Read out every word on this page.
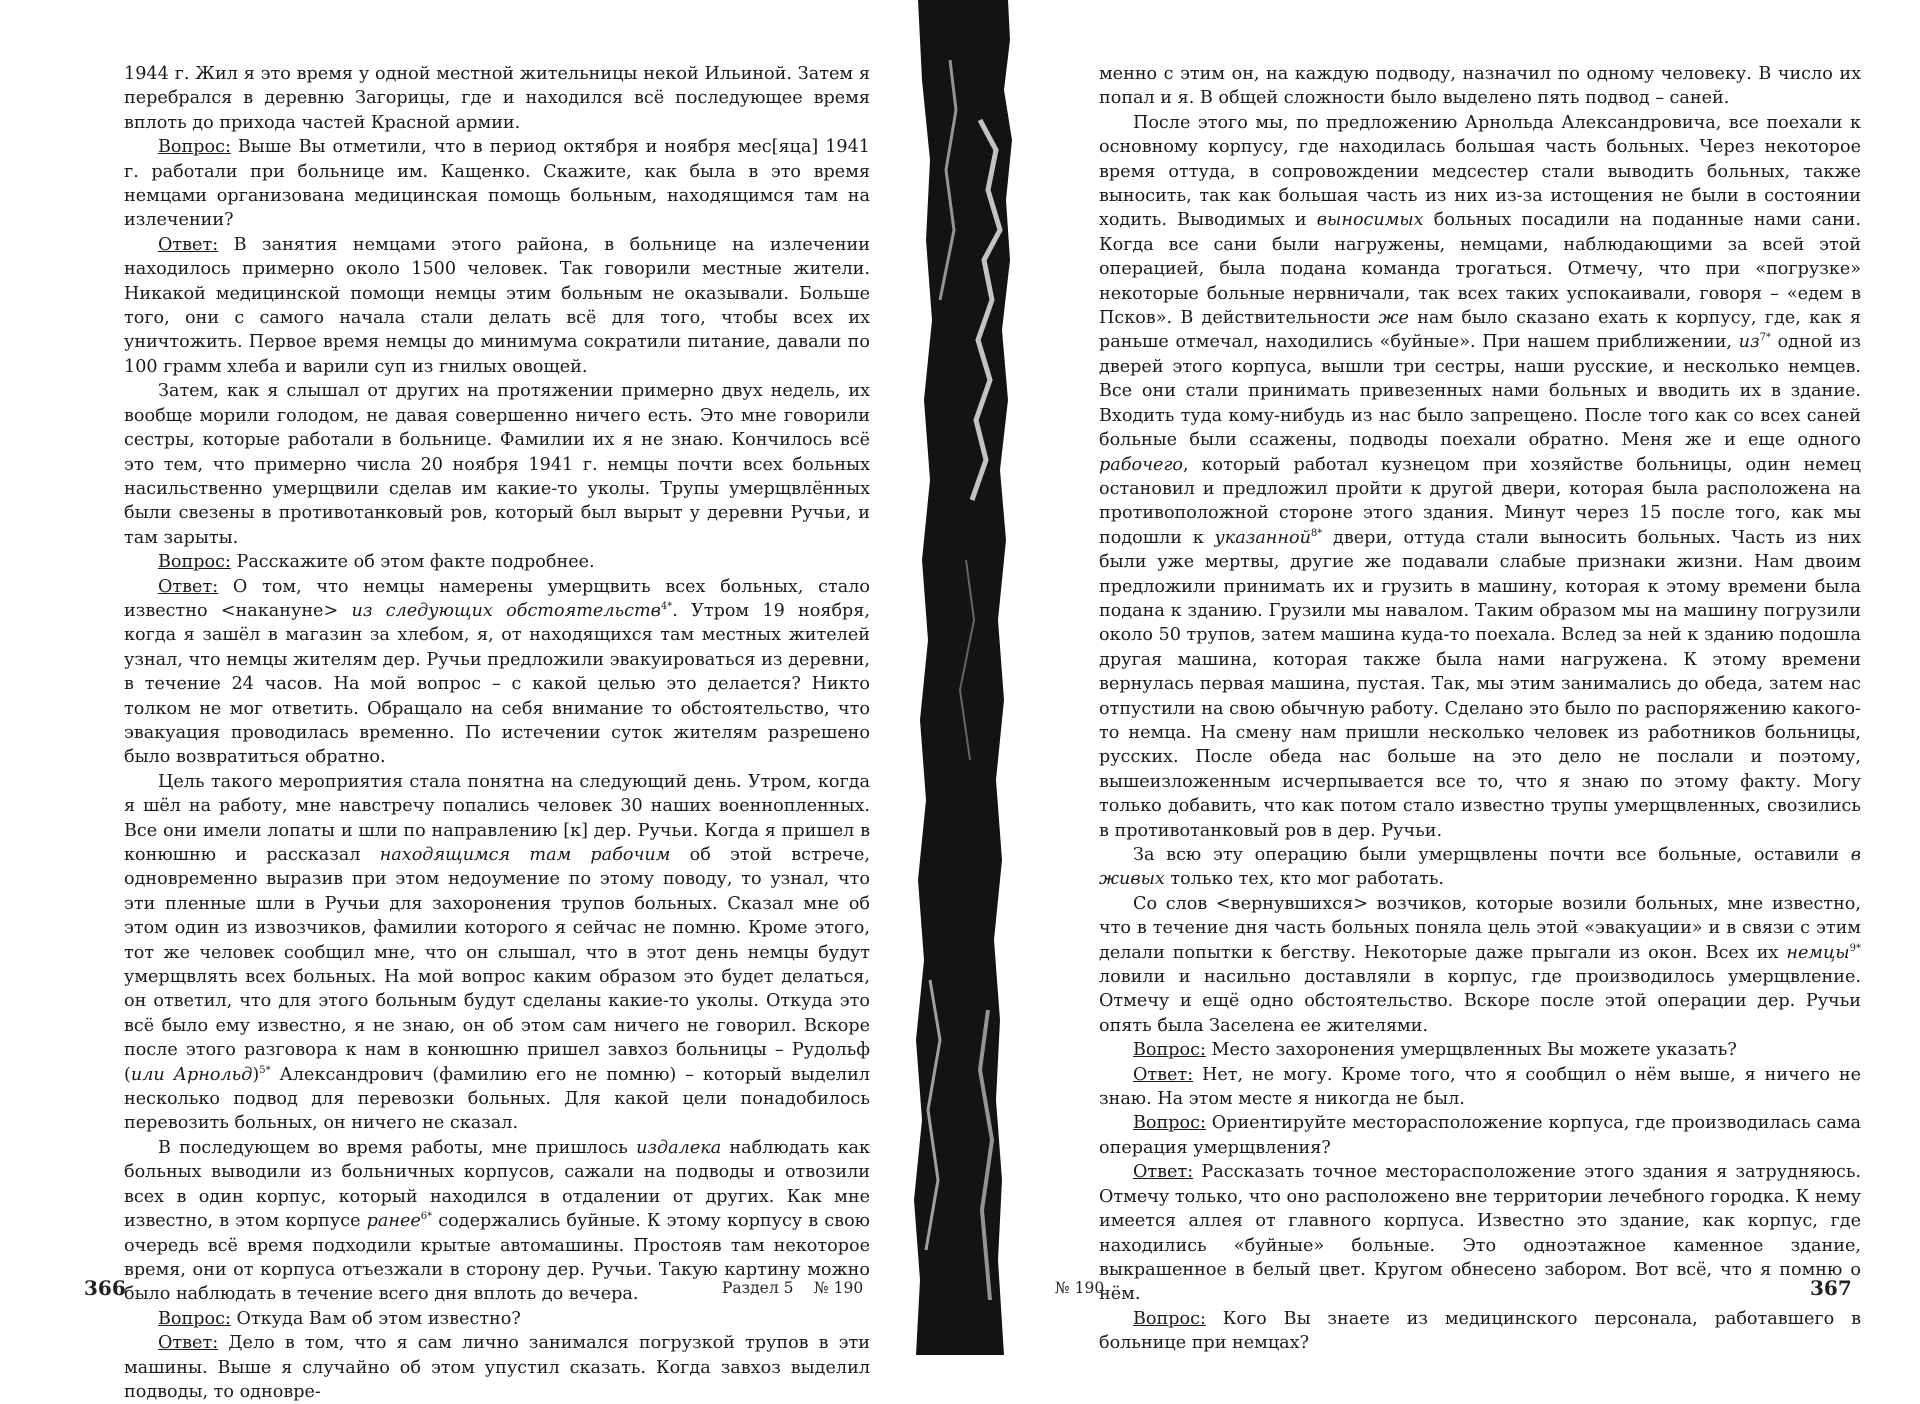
1944 г. Жил я это время у одной местной жительницы некой Ильиной. Затем я перебрался в деревню Загорицы, где и находился всё последующее время вплоть до прихода частей Красной армии.

Вопрос: Выше Вы отметили, что в период октября и ноября мес[яца] 1941 г. работали при больнице им. Кащенко. Скажите, как была в это время немцами организована медицинская помощь больным, находящимся там на излечении?

Ответ: В занятия немцами этого района, в больнице на излечении находилось примерно около 1500 человек. Так говорили местные жители. Никакой медицинской помощи немцы этим больным не оказывали. Больше того, они с самого начала стали делать всё для того, чтобы всех их уничтожить. Первое время немцы до минимума сократили питание, давали по 100 грамм хлеба и варили суп из гнилых овощей.

Затем, как я слышал от других на протяжении примерно двух недель, их вообще морили голодом, не давая совершенно ничего есть. Это мне говорили сестры, которые работали в больнице. Фамилии их я не знаю. Кончилось всё это тем, что примерно числа 20 ноября 1941 г. немцы почти всех больных насильственно умерщвили сделав им какие-то уколы. Трупы умерщвлённых были свезены в противотанковый ров, который был вырыт у деревни Ручьи, и там зарыты.

Вопрос: Расскажите об этом факте подробнее.

Ответ: О том, что немцы намерены умерщвить всех больных, стало известно <накануне> из следующих обстоятельств$^{4*}$. Утром 19 ноября, когда я зашёл в магазин за хлебом, я, от находящихся там местных жителей узнал, что немцы жителям дер. Ручьи предложили эвакуироваться из деревни, в течение 24 часов. На мой вопрос – с какой целью это делается? Никто толком не мог ответить. Обращало на себя внимание то обстоятельство, что эвакуация проводилась временно. По истечении суток жителям разрешено было возвратиться обратно.

Цель такого мероприятия стала понятна на следующий день. Утром, когда я шёл на работу, мне навстречу попались человек 30 наших военнопленных. Все они имели лопаты и шли по направлению [к] дер. Ручьи. Когда я пришел в конюшню и рассказал находящимся там рабочим об этой встрече, одновременно выразив при этом недоумение по этому поводу, то узнал, что эти пленные шли в Ручьи для захоронения трупов больных. Сказал мне об этом один из извозчиков, фамилии которого я сейчас не помню. Кроме этого, тот же человек сообщил мне, что он слышал, что в этот день немцы будут умерщвлять всех больных. На мой вопрос каким образом это будет делаться, он ответил, что для этого больным будут сделаны какие-то уколы. Откуда это всё было ему известно, я не знаю, он об этом сам ничего не говорил. Вскоре после этого разговора к нам в конюшню пришел завхоз больницы – Рудольф (или Арнольд)$^{5*}$ Александрович (фамилию его не помню) – который выделил несколько подвод для перевозки больных. Для какой цели понадобилось перевозить больных, он ничего не сказал.

В последующем во время работы, мне пришлось издалека наблюдать как больных выводили из больничных корпусов, сажали на подводы и отвозили всех в один корпус, который находился в отдалении от других. Как мне известно, в этом корпусе ранее$^{6*}$ содержались буйные. К этому корпусу в свою очередь всё время подходили крытые автомашины. Простояв там некоторое время, они от корпуса отъезжали в сторону дер. Ручьи. Такую картину можно было наблюдать в течение всего дня вплоть до вечера.

Вопрос: Откуда Вам об этом известно?

Ответ: Дело в том, что я сам лично занимался погрузкой трупов в эти машины. Выше я случайно об этом упустил сказать. Когда завхоз выделил подводы, то одновре-

366	Раздел 5 № 190

менно с этим он, на каждую подводу, назначил по одному человеку. В число их попал и я. В общей сложности было выделено пять подвод – саней.

После этого мы, по предложению Арнольда Александровича, все поехали к основному корпусу, где находилась большая часть больных. Через некоторое время оттуда, в сопровождении медсестер стали выводить больных, также выносить, так как большая часть из них из-за истощения не были в состоянии ходить. Выводимых и выносимых больных посадили на поданные нами сани. Когда все сани были нагружены, немцами, наблюдающими за всей этой операцией, была подана команда трогаться. Отмечу, что при «погрузке» некоторые больные нервничали, так всех таких успокаивали, говоря – «едем в Псков». В действительности же нам было сказано ехать к корпусу, где, как я раньше отмечал, находились «буйные». При нашем приближении, $из^{7*}$ одной из дверей этого корпуса, вышли три сестры, наши русские, и несколько немцев. Все они стали принимать привезенных нами больных и вводить их в здание. Входить туда кому-нибудь из нас было запрещено. После того как со всех саней больные были ссажены, подводы поехали обратно. Меня же и еще одного рабочего, который работал кузнецом при хозяйстве больницы, один немец остановил и предложил пройти к другой двери, которая была расположена на противоположной стороне этого здания. Минут через 15 после того, как мы подошли к указанной$^{8*}$ двери, оттуда стали выносить больных. Часть из них были уже мертвы, другие же подавали слабые признаки жизни. Нам двоим предложили принимать их и грузить в машину, которая к этому времени была подана к зданию. Грузили мы навалом. Таким образом мы на машину погрузили около 50 трупов, затем машина куда-то поехала. Вслед за ней к зданию подошла другая машина, которая также была нами нагружена. К этому времени вернулась первая машина, пустая. Так, мы этим занимались до обеда, затем нас отпустили на свою обычную работу. Сделано это было по распоряжению какого-то немца. На смену нам пришли несколько человек из работников больницы, русских. После обеда нас больше на это дело не послали и поэтому, вышеизложенным исчерпывается все то, что я знаю по этому факту. Могу только добавить, что как потом стало известно трупы умерщвленных, свозились в противотанковый ров в дер. Ручьи.

За всю эту операцию были умерщвлены почти все больные, оставили в живых только тех, кто мог работать.

Со слов <вернувшихся> возчиков, которые возили больных, мне известно, что в течение дня часть больных поняла цель этой «эвакуации» и в связи с этим делали попытки к бегству. Некоторые даже прыгали из окон. Всех их немцы$^{9*}$ ловили и насильно доставляли в корпус, где производилось умерщвление. Отмечу и ещё одно обстоятельство. Вскоре после этой операции дер. Ручьи опять была Заселена ее жителями.

Вопрос: Место захоронения умерщвленных Вы можете указать?

Ответ: Нет, не могу. Кроме того, что я сообщил о нём выше, я ничего не знаю. На этом месте я никогда не был.

Вопрос: Ориентируйте месторасположение корпуса, где производилась сама операция умерщвления?

Ответ: Рассказать точное месторасположение этого здания я затрудняюсь. Отмечу только, что оно расположено вне территории лечебного городка. К нему имеется аллея от главного корпуса. Известно это здание, как корпус, где находились «буйные» больные. Это одноэтажное каменное здание, выкрашенное в белый цвет. Кругом обнесено забором. Вот всё, что я помню о нём.

Вопрос: Кого Вы знаете из медицинского персонала, работавшего в больнице при немцах?

№ 190	367
